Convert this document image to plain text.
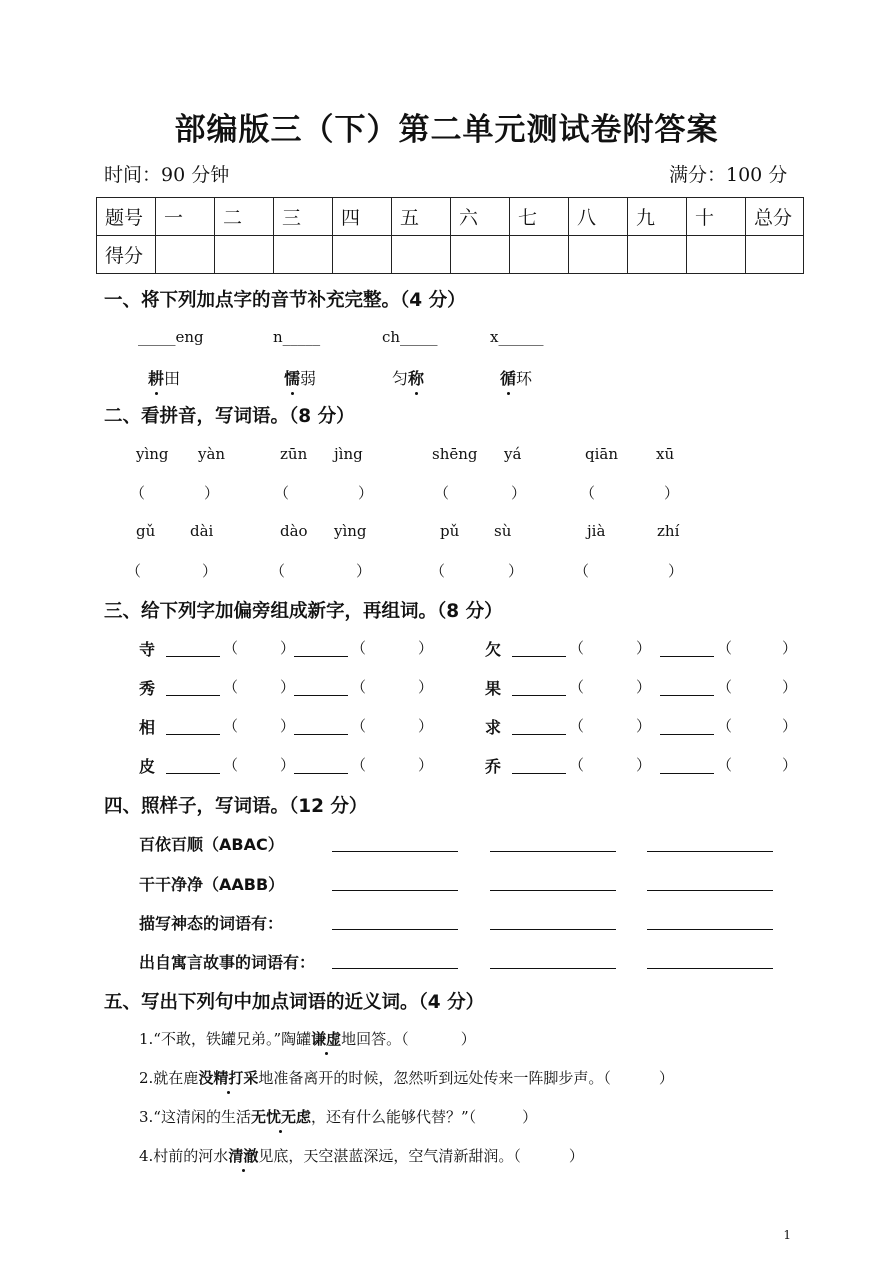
部编版三（下）第二单元测试卷附答案
时间：90 分钟	满分：100 分
题号	一	二	三	四	五	六	七	八	九	十	总分
得分											
一、将下列加点字的音节补充完整。（4 分）
_____eng	n_____	ch_____	x______
耕田	懦弱	匀称	循环
二、看拼音，写词语。（8 分）
yìng yàn	zūn jìng	shēng yá	qiān	xū
（	）	（	）	（	）	（	）
gǔ dài	dào yìng	pǔ sù	jià	zhí
（	）	（	）	（	）	（	）
三、给下列字加偏旁组成新字，再组词。（8 分）
寺	（	）	（	）	欠	（	）	（	）
秀	（	）	（	）	果	（	）	（	）
相	（	）	（	）	求	（	）	（	）
皮	（	）	（	）	乔	（	）	（	）
四、照样子，写词语。（12 分）
百依百顺（ABAC）
干干净净（AABB）
描写神态的词语有：
出自寓言故事的词语有：
五、写出下列句中加点词语的近义词。（4 分）
1.“不敢，铁罐兄弟。”陶罐谦虚地回答。（	）
2.就在鹿没精打采地准备离开的时候，忽然听到远处传来一阵脚步声。（	）
3.“这清闲的生活无忧无虑，还有什么能够代替？”（	）
4.村前的河水清澈见底，天空湛蓝深远，空气清新甜润。（	）
1
